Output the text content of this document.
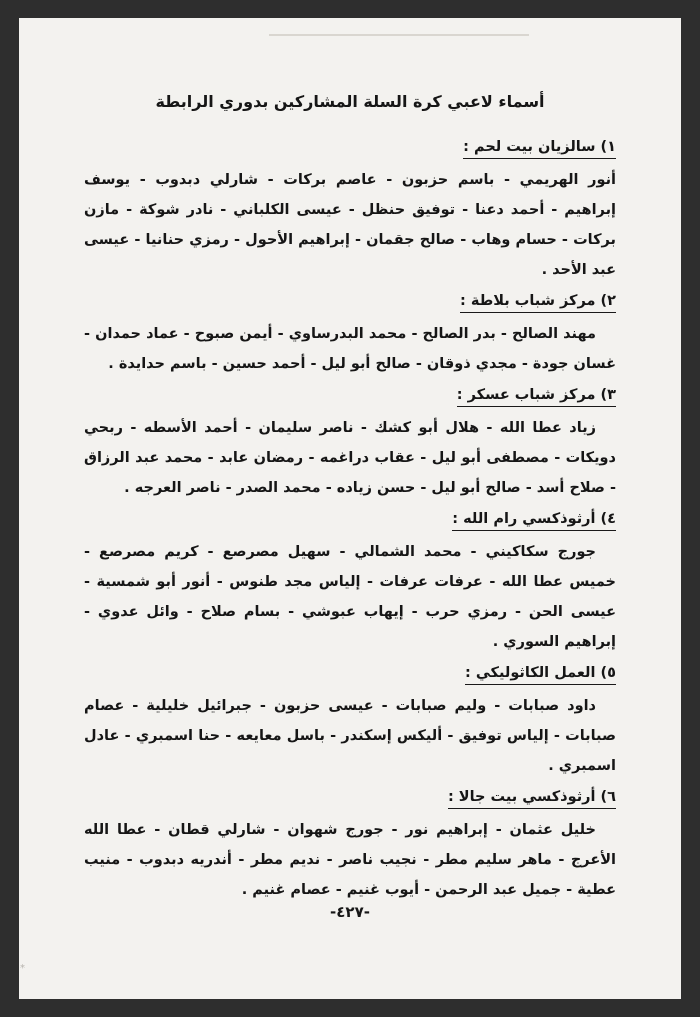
أسماء لاعبي كرة السلة المشاركين بدوري الرابطة
١) سالزيان بيت لحم :

أنور الهريمي - باسم حزبون - عاصم بركات - شارلي دبدوب - يوسف إبراهيم - أحمد دعنا - توفيق حنظل - عيسى الكلباني - نادر شوكة - مازن بركات - حسام وهاب - صالح جقمان - إبراهيم الأحول - رمزي حنانيا - عيسى عبد الأحد .

٢) مركز شباب بلاطة :

مهند الصالح - بدر الصالح - محمد البدرساوي - أيمن صبوح - عماد حمدان - غسان جودة - مجدي ذوقان - صالح أبو ليل - أحمد حسين - باسم حدايدة .

٣) مركز شباب عسكر :

زياد عطا الله - هلال أبو كشك - ناصر سليمان - أحمد الأسطه - ربحي دويكات - مصطفى أبو ليل - عقاب دراغمه - رمضان عابد - محمد عبد الرزاق - صلاح أسد - صالح أبو ليل - حسن زياده - محمد الصدر - ناصر العرجه .

٤) أرثوذكسي رام الله :

جورج سكاكيني - محمد الشمالي - سهيل مصرصع - كريم مصرصع - خميس عطا الله - عرفات عرفات - إلياس مجد طنوس - أنور أبو شمسية - عيسى الحن - رمزي حرب - إيهاب عبوشي - بسام صلاح - وائل عدوي - إبراهيم السوري .

٥) العمل الكاثوليكي :

داود صبابات - وليم صبابات - عيسى حزبون - جبرائيل خليلية - عصام صبابات - إلياس توفيق - أليكس إسكندر - باسل معايعه - حنا اسمبري - عادل اسمبري .

٦) أرثوذكسي بيت جالا :

خليل عثمان - إبراهيم نور - جورج شهوان - شارلي قطان - عطا الله الأعرج - ماهر سليم مطر - نجيب ناصر - نديم مطر - أندريه دبدوب - منيب عطية - جميل عبد الرحمن - أيوب غنيم - عصام غنيم .

-٤٢٧-
*
